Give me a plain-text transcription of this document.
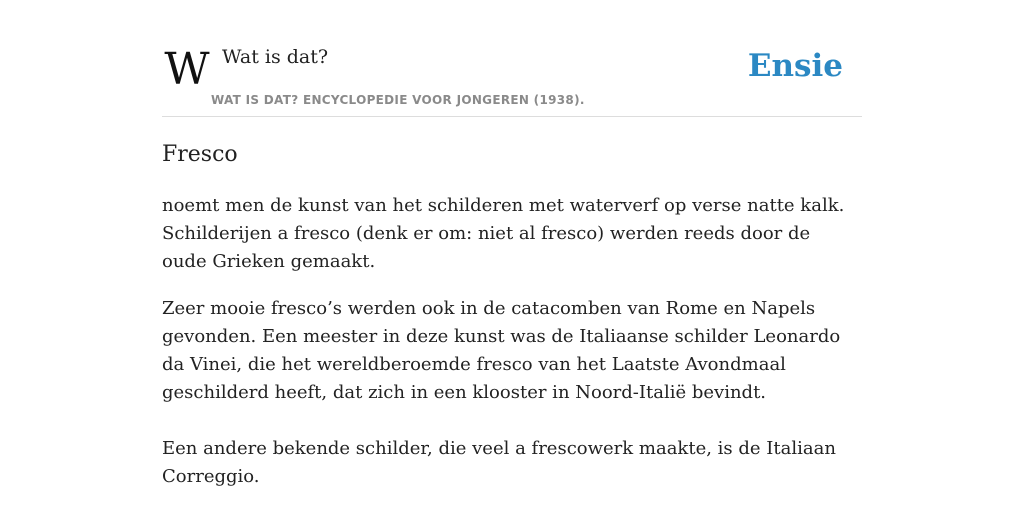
W Wat is dat?
WAT IS DAT? ENCYCLOPEDIE VOOR JONGEREN (1938).
Ensie
Fresco

noemt men de kunst van het schilderen met waterverf op verse natte kalk. Schilderijen a fresco (denk er om: niet al fresco) werden reeds door de oude Grieken gemaakt.

Zeer mooie fresco’s werden ook in de catacomben van Rome en Napels gevonden. Een meester in deze kunst was de Italiaanse schilder Leonardo da Vinei, die het wereldberoemde fresco van het Laatste Avondmaal geschilderd heeft, dat zich in een klooster in Noord-Italië bevindt.

Een andere bekende schilder, die veel a frescowerk maakte, is de Italiaan Correggio.
